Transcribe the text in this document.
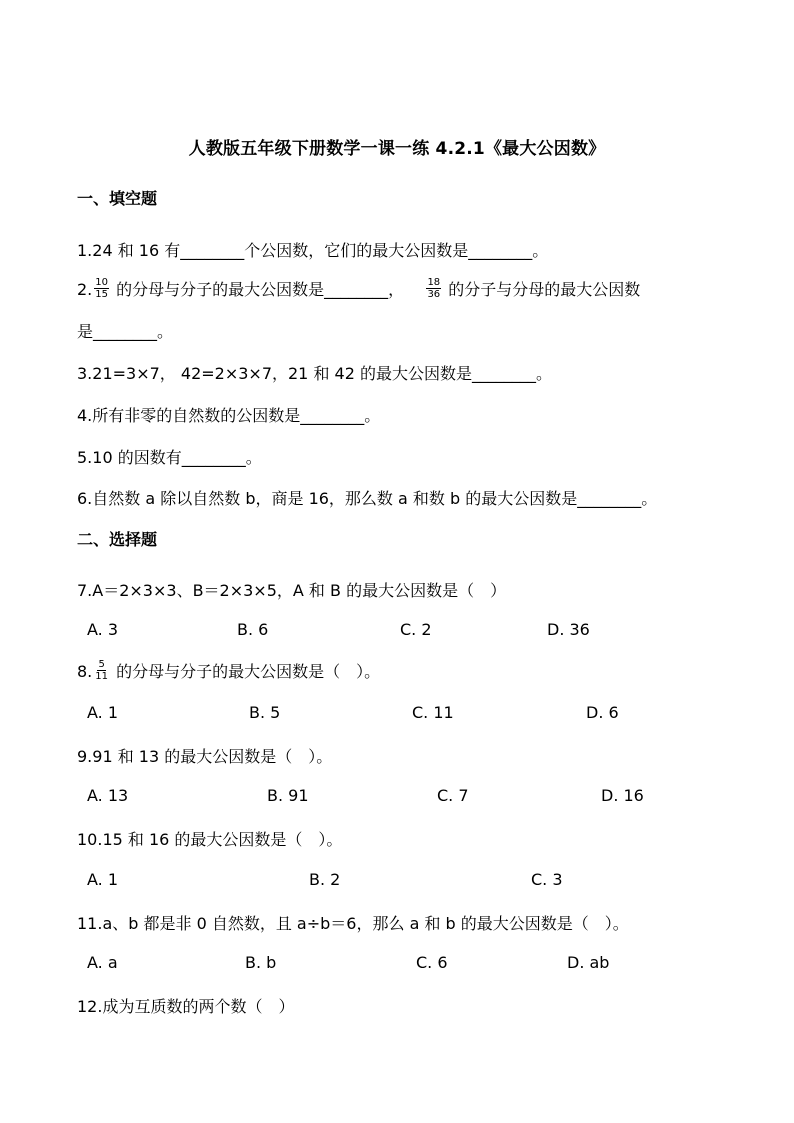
人教版五年级下册数学一课一练 4.2.1《最大公因数》
一、填空题
1.24 和 16 有________个公因数，它们的最大公因数是________。
2. $\frac{10}{15}$ 的分母与分子的最大公因数是________， $\frac{18}{36}$ 的分子与分母的最大公因数
是________。
3.21=3×7， 42=2×3×7，21 和 42 的最大公因数是________。
4.所有非零的自然数的公因数是________。
5.10 的因数有________。
6.自然数 a 除以自然数 b，商是 16，那么数 a 和数 b 的最大公因数是________。
二、选择题
7.A＝2×3×3、B＝2×3×5，A 和 B 的最大公因数是（　）
A. 3	B. 6	C. 2	D. 36
8. $\frac{5}{11}$ 的分母与分子的最大公因数是（　）。
A. 1	B. 5	C. 11	D. 6
9.91 和 13 的最大公因数是（　）。
A. 13	B. 91	C. 7	D. 16
10.15 和 16 的最大公因数是（　）。
A. 1	B. 2	C. 3
11.a、b 都是非 0 自然数，且 a÷b＝6，那么 a 和 b 的最大公因数是（　）。
A. a	B. b	C. 6	D. ab
12.成为互质数的两个数（　）
